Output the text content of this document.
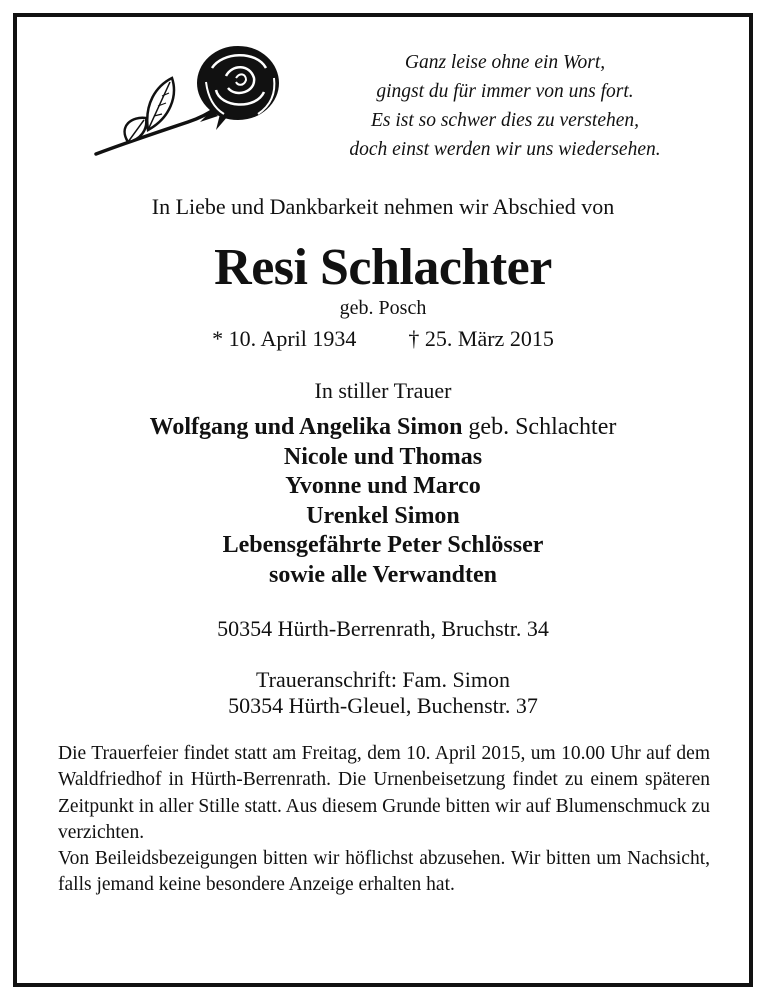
Ganz leise ohne ein Wort,
gingst du für immer von uns fort.
Es ist so schwer dies zu verstehen,
doch einst werden wir uns wiedersehen.
In Liebe und Dankbarkeit nehmen wir Abschied von
Resi Schlachter
geb. Posch
* 10. April 1934 † 25. März 2015
In stiller Trauer
Wolfgang und Angelika Simon geb. Schlachter
Nicole und Thomas
Yvonne und Marco
Urenkel Simon
Lebensgefährte Peter Schlösser
sowie alle Verwandten
50354 Hürth-Berrenrath, Bruchstr. 34
Traueranschrift: Fam. Simon
50354 Hürth-Gleuel, Buchenstr. 37

Die Trauerfeier findet statt am Freitag, dem 10. April 2015, um 10.00 Uhr auf dem Waldfriedhof in Hürth-Berrenrath. Die Urnenbeisetzung findet zu einem späteren Zeitpunkt in aller Stille statt. Aus diesem Grunde bitten wir auf Blumenschmuck zu verzichten.

Von Beileidsbezeigungen bitten wir höflichst abzusehen. Wir bitten um Nachsicht, falls jemand keine besondere Anzeige erhalten hat.
